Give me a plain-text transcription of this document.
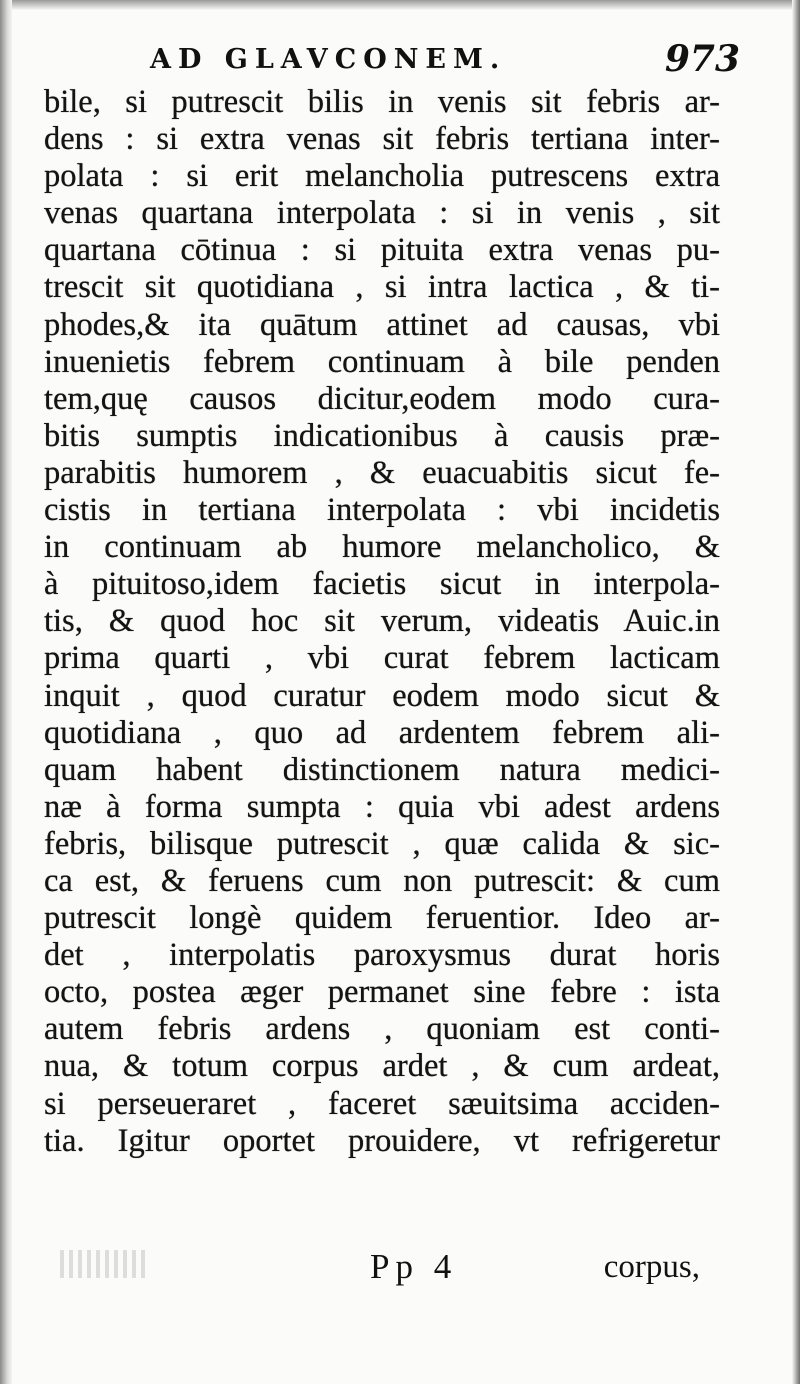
AD GLAVCONEM.	973
bile, si putrescit bilis in venis sit febris ar-
dens : si extra venas sit febris tertiana inter-
polata : si erit melancholia putrescens extra
venas quartana interpolata : si in venis , sit
quartana cōtinua : si pituita extra venas pu-
trescit sit quotidiana , si intra lactica , & ti-
phodes,& ita quātum attinet ad causas, vbi
inuenietis febrem continuam à bile penden
tem,quę causos dicitur,eodem modo cura-
bitis sumptis indicationibus à causis præ-
parabitis humorem , & euacuabitis sicut fe-
cistis in tertiana interpolata : vbi incidetis
in continuam ab humore melancholico, &
à pituitoso,idem facietis sicut in interpola-
tis, & quod hoc sit verum, videatis Auic.in
prima quarti , vbi curat febrem lacticam
inquit , quod curatur eodem modo sicut &
quotidiana , quo ad ardentem febrem ali-
quam habent distinctionem natura medici-
næ à forma sumpta : quia vbi adest ardens
febris, bilisque putrescit , quæ calida & sic-
ca est, & feruens cum non putrescit: & cum
putrescit longè quidem feruentior. Ideo ar-
det , interpolatis paroxysmus durat horis
octo, postea æger permanet sine febre : ista
autem febris ardens , quoniam est conti-
nua, & totum corpus ardet , & cum ardeat,
si perseueraret , faceret sæuitsima acciden-
tia. Igitur oportet prouidere, vt refrigeretur
Pp 4	corpus,
